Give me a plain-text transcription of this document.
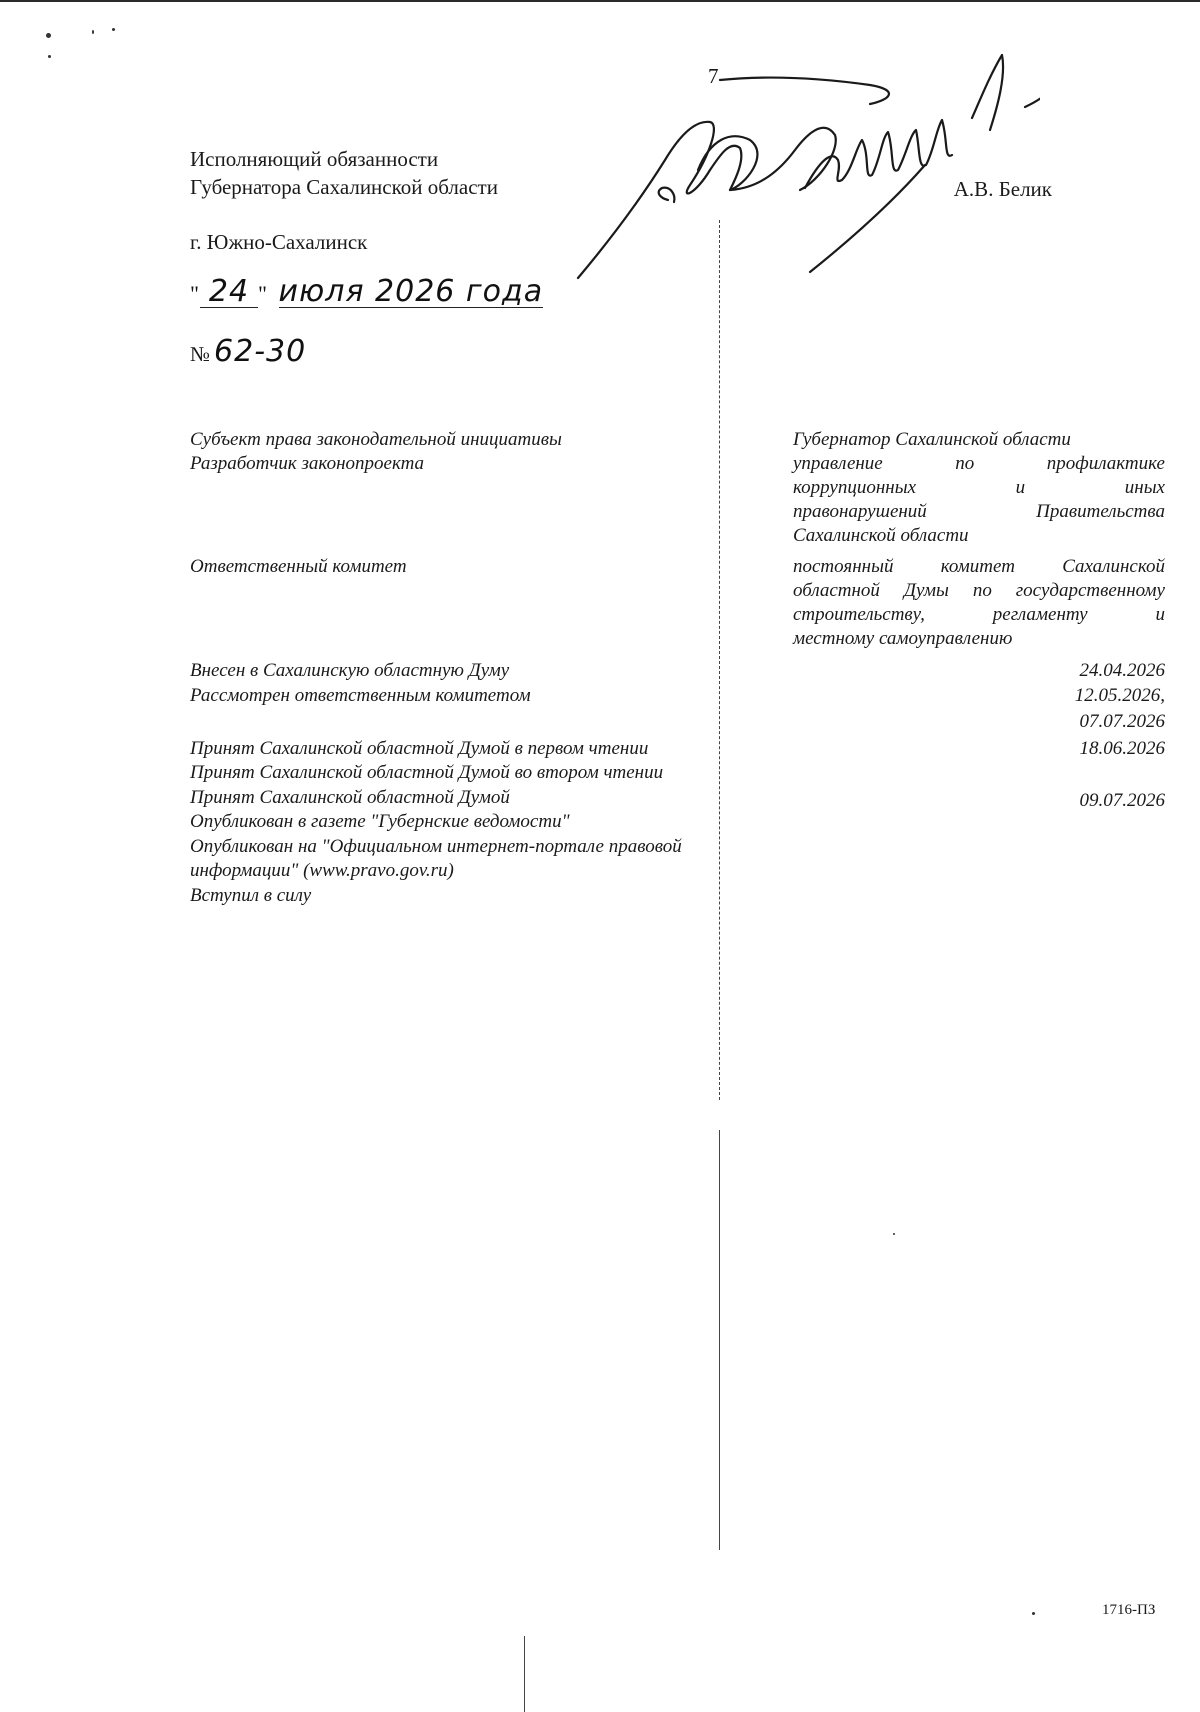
7
Исполняющий обязанности
Губернатора Сахалинской области	А.В. Белик
г. Южно-Сахалинск
" 24 " июля 2026 года
№ 62-30
Субъект права законодательной инициативы
Разработчик законопроекта
Ответственный комитет
Губернатор Сахалинской области
управление по профилактике
коррупционных и иных
правонарушений Правительства
Сахалинской области
постоянный комитет Сахалинской
областной Думы по государственному
строительству, регламенту и
местному самоуправлению
Внесен в Сахалинскую областную Думу
Рассмотрен ответственным комитетом
Принят Сахалинской областной Думой в первом чтении
Принят Сахалинской областной Думой во втором чтении
Принят Сахалинской областной Думой
Опубликован в газете "Губернские ведомости"
Опубликован на "Официальном интернет-портале правовой
информации" (www.pravo.gov.ru)
Вступил в силу
24.04.2026
12.05.2026,
07.07.2026
18.06.2026
09.07.2026
1716-ПЗ
